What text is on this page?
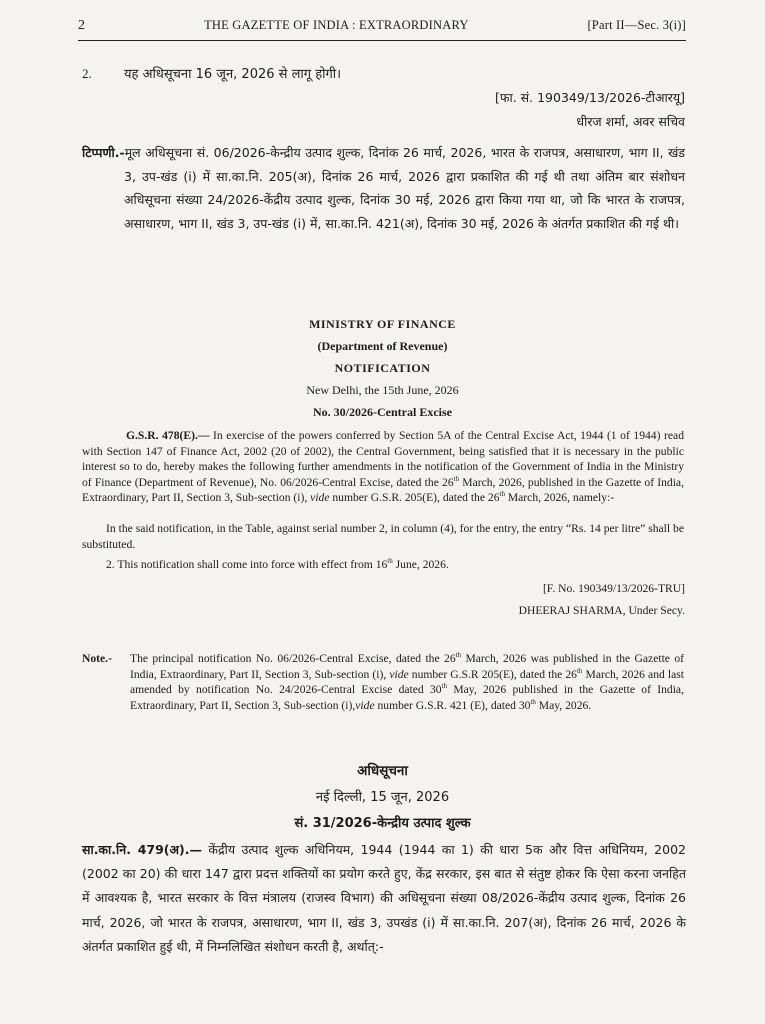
2	THE GAZETTE OF INDIA : EXTRAORDINARY	[Part II—Sec. 3(i)]
2. यह अधिसूचना 16 जून, 2026 से लागू होगी।
[फा. सं. 190349/13/2026-टीआरयू]
धीरज शर्मा, अवर सचिव
टिप्पणी.-मूल अधिसूचना सं. 06/2026-केन्द्रीय उत्पाद शुल्क, दिनांक 26 मार्च, 2026, भारत के राजपत्र, असाधारण, भाग II, खंड 3, उप-खंड (i) में सा.का.नि. 205(अ), दिनांक 26 मार्च, 2026 द्वारा प्रकाशित की गई थी तथा अंतिम बार संशोधन अधिसूचना संख्या 24/2026-केंद्रीय उत्पाद शुल्क, दिनांक 30 मई, 2026 द्वारा किया गया था, जो कि भारत के राजपत्र, असाधारण, भाग II, खंड 3, उप-खंड (i) में, सा.का.नि. 421(अ), दिनांक 30 मई, 2026 के अंतर्गत प्रकाशित की गई थी।
MINISTRY OF FINANCE
(Department of Revenue)
NOTIFICATION
New Delhi, the 15th June, 2026
No. 30/2026-Central Excise
G.S.R. 478(E).— In exercise of the powers conferred by Section 5A of the Central Excise Act, 1944 (1 of 1944) read with Section 147 of Finance Act, 2002 (20 of 2002), the Central Government, being satisfied that it is necessary in the public interest so to do, hereby makes the following further amendments in the notification of the Government of India in the Ministry of Finance (Department of Revenue), No. 06/2026-Central Excise, dated the 26th March, 2026, published in the Gazette of India, Extraordinary, Part II, Section 3, Sub-section (i), vide number G.S.R. 205(E), dated the 26th March, 2026, namely:-
In the said notification, in the Table, against serial number 2, in column (4), for the entry, the entry “Rs. 14 per litre” shall be substituted.
2. This notification shall come into force with effect from 16th June, 2026.
[F. No. 190349/13/2026-TRU]
DHEERAJ SHARMA, Under Secy.
Note.-	The principal notification No. 06/2026-Central Excise, dated the 26th March, 2026 was published in the Gazette of India, Extraordinary, Part II, Section 3, Sub-section (i), vide number G.S.R 205(E), dated the 26th March, 2026 and last amended by notification No. 24/2026-Central Excise dated 30th May, 2026 published in the Gazette of India, Extraordinary, Part II, Section 3, Sub-section (i),vide number G.S.R. 421 (E), dated 30th May, 2026.
अधिसूचना
नई दिल्ली, 15 जून, 2026
सं. 31/2026-केन्द्रीय उत्पाद शुल्क
सा.का.नि. 479(अ).— केंद्रीय उत्पाद शुल्क अधिनियम, 1944 (1944 का 1) की धारा 5क और वित्त अधिनियम, 2002 (2002 का 20) की धारा 147 द्वारा प्रदत्त शक्तियों का प्रयोग करते हुए, केंद्र सरकार, इस बात से संतुष्ट होकर कि ऐसा करना जनहित में आवश्यक है, भारत सरकार के वित्त मंत्रालय (राजस्व विभाग) की अधिसूचना संख्या 08/2026-केंद्रीय उत्पाद शुल्क, दिनांक 26 मार्च, 2026, जो भारत के राजपत्र, असाधारण, भाग II, खंड 3, उपखंड (i) में सा.का.नि. 207(अ), दिनांक 26 मार्च, 2026 के अंतर्गत प्रकाशित हुई थी, में निम्नलिखित संशोधन करती है, अर्थात्:-
